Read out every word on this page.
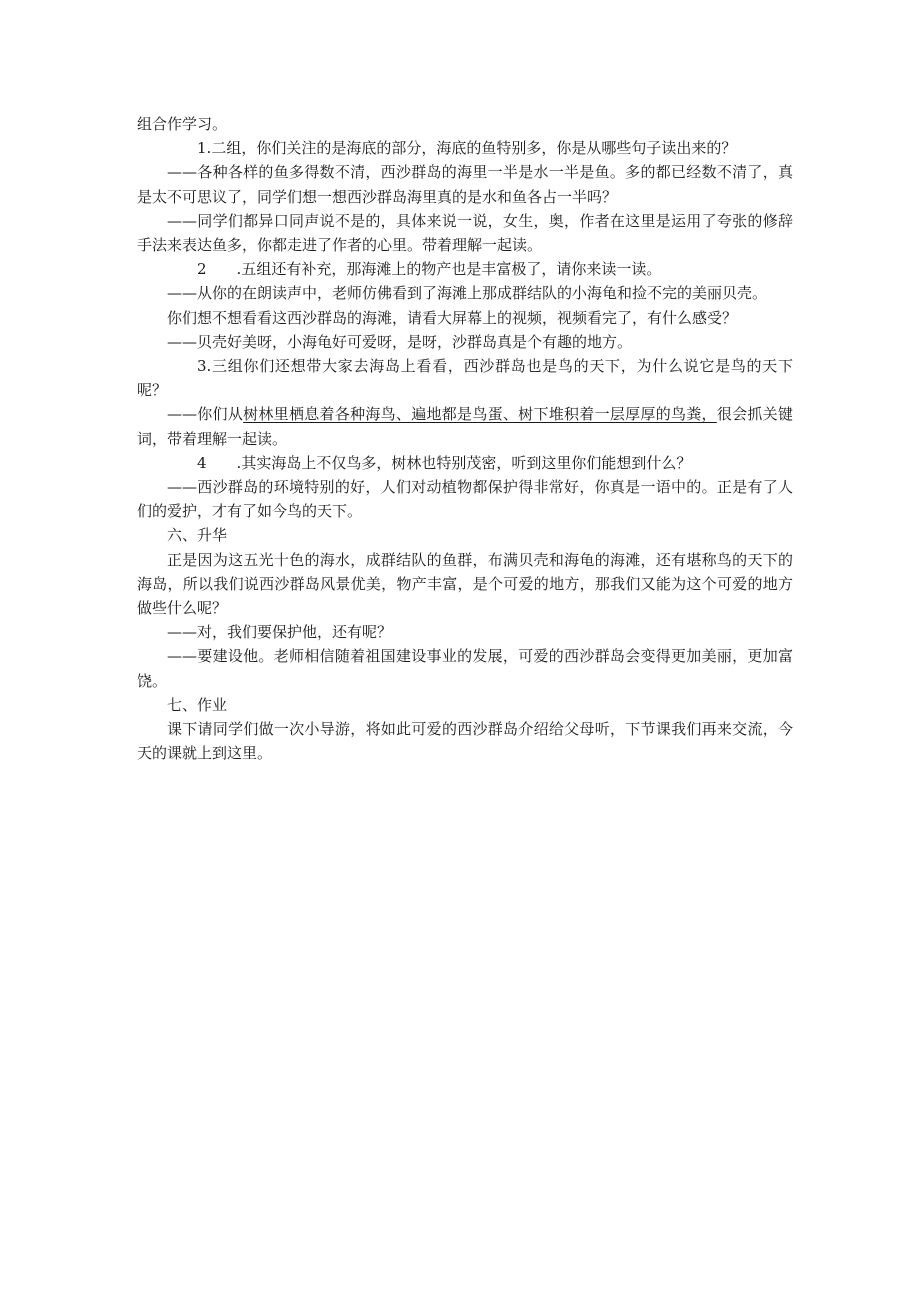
组合作学习。

1.二组，你们关注的是海底的部分，海底的鱼特别多，你是从哪些句子读出来的？

——各种各样的鱼多得数不清，西沙群岛的海里一半是水一半是鱼。多的都已经数不清了，真是太不可思议了，同学们想一想西沙群岛海里真的是水和鱼各占一半吗？

——同学们都异口同声说不是的，具体来说一说，女生，奥，作者在这里是运用了夸张的修辞手法来表达鱼多，你都走进了作者的心里。带着理解一起读。

2 .五组还有补充，那海滩上的物产也是丰富极了，请你来读一读。

——从你的在朗读声中，老师仿佛看到了海滩上那成群结队的小海龟和捡不完的美丽贝壳。

你们想不想看看这西沙群岛的海滩，请看大屏幕上的视频，视频看完了，有什么感受？

——贝壳好美呀，小海龟好可爱呀，是呀，沙群岛真是个有趣的地方。

3.三组你们还想带大家去海岛上看看，西沙群岛也是鸟的天下，为什么说它是鸟的天下呢？

——你们从树林里栖息着各种海鸟、遍地都是鸟蛋、树下堆积着一层厚厚的鸟粪，很会抓关键词，带着理解一起读。

4 .其实海岛上不仅鸟多，树林也特别茂密，听到这里你们能想到什么？

——西沙群岛的环境特别的好，人们对动植物都保护得非常好，你真是一语中的。正是有了人们的爱护，才有了如今鸟的天下。

六、升华

正是因为这五光十色的海水，成群结队的鱼群，布满贝壳和海龟的海滩，还有堪称鸟的天下的海岛，所以我们说西沙群岛风景优美，物产丰富，是个可爱的地方，那我们又能为这个可爱的地方做些什么呢？

——对，我们要保护他，还有呢？

——要建设他。老师相信随着祖国建设事业的发展，可爱的西沙群岛会变得更加美丽，更加富饶。

七、作业

课下请同学们做一次小导游，将如此可爱的西沙群岛介绍给父母听，下节课我们再来交流，今天的课就上到这里。
